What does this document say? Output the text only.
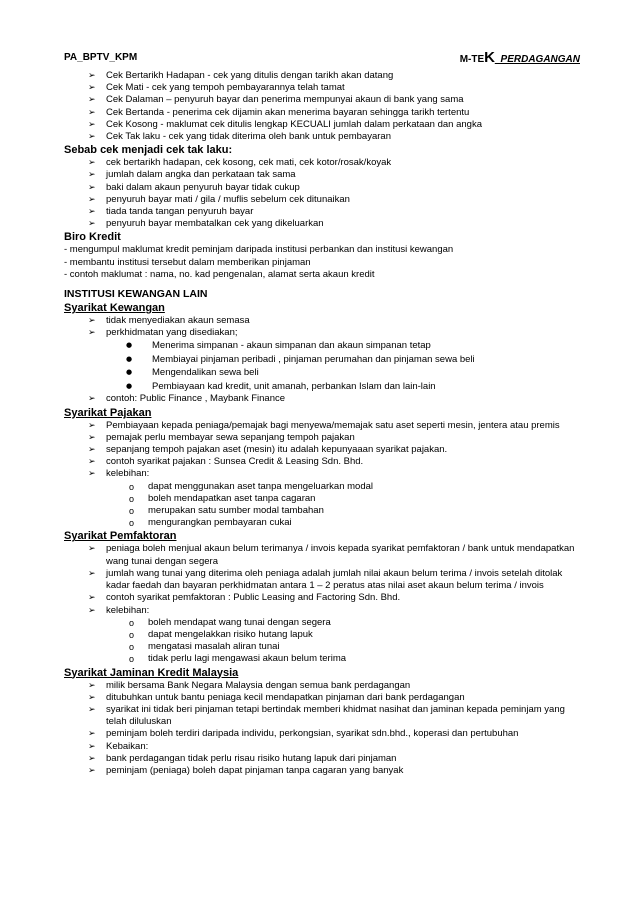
PA_BPTV_KPM	M-TEK_PERDAGANGAN
➢ Cek Bertarikh Hadapan - cek yang ditulis dengan tarikh akan datang
➢ Cek Mati - cek yang tempoh pembayarannya telah tamat
➢ Cek Dalaman – penyuruh bayar dan penerima mempunyai akaun di bank yang sama
➢ Cek Bertanda - penerima cek dijamin akan menerima bayaran sehingga tarikh tertentu
➢ Cek Kosong - maklumat cek ditulis lengkap KECUALI jumlah dalam perkataan dan angka
➢ Cek Tak laku - cek yang tidak diterima oleh bank untuk pembayaran
Sebab cek menjadi cek tak laku:
➢ cek bertarikh hadapan, cek kosong, cek mati, cek kotor/rosak/koyak
➢ jumlah dalam angka dan perkataan tak sama
➢ baki dalam akaun penyuruh bayar tidak cukup
➢ penyuruh bayar mati / gila / muflis sebelum cek ditunaikan
➢ tiada tanda tangan penyuruh bayar
➢ penyuruh bayar membatalkan cek yang dikeluarkan
Biro Kredit
- mengumpul maklumat kredit peminjam daripada institusi perbankan dan institusi kewangan
- membantu institusi tersebut dalam memberikan pinjaman
- contoh maklumat : nama, no. kad pengenalan, alamat serta akaun kredit
INSTITUSI KEWANGAN LAIN
Syarikat Kewangan
➢ tidak menyediakan akaun semasa
➢ perkhidmatan yang disediakan;
● Menerima simpanan - akaun simpanan dan akaun simpanan tetap
● Membiayai pinjaman peribadi , pinjaman perumahan dan pinjaman sewa beli
● Mengendalikan sewa beli
● Pembiayaan kad kredit, unit amanah, perbankan Islam dan lain-lain
➢ contoh: Public Finance , Maybank Finance
Syarikat Pajakan
➢ Pembiayaan kepada peniaga/pemajak bagi menyewa/memajak satu aset seperti mesin, jentera atau premis
➢ pemajak perlu membayar sewa sepanjang tempoh pajakan
➢ sepanjang tempoh pajakan aset (mesin) itu adalah kepunyaaan syarikat pajakan.
➢ contoh syarikat pajakan : Sunsea Credit & Leasing Sdn. Bhd.
➢ kelebihan:
o dapat menggunakan aset tanpa mengeluarkan modal
o boleh mendapatkan aset tanpa cagaran
o merupakan satu sumber modal tambahan
o mengurangkan pembayaran cukai
Syarikat Pemfaktoran
➢ peniaga boleh menjual akaun belum terimanya / invois kepada syarikat pemfaktoran / bank untuk mendapatkan wang tunai dengan segera
➢ jumlah wang tunai yang diterima oleh peniaga adalah jumlah nilai akaun belum terima / invois setelah ditolak kadar faedah dan bayaran perkhidmatan antara 1 – 2 peratus atas nilai aset akaun belum terima / invois
➢ contoh syarikat pemfaktoran : Public Leasing and Factoring Sdn. Bhd.
➢ kelebihan:
o boleh mendapat wang tunai dengan segera
o dapat mengelakkan risiko hutang lapuk
o mengatasi masalah aliran tunai
o tidak perlu lagi mengawasi akaun belum terima
Syarikat Jaminan Kredit Malaysia
➢ milik bersama Bank Negara Malaysia dengan semua bank perdagangan
➢ ditubuhkan untuk bantu peniaga kecil mendapatkan pinjaman dari bank perdagangan
➢ syarikat ini tidak beri pinjaman tetapi bertindak memberi khidmat nasihat dan jaminan kepada peminjam yang telah diluluskan
➢ peminjam boleh terdiri daripada individu, perkongsian, syarikat sdn.bhd., koperasi dan pertubuhan
➢ Kebaikan:
➢ bank perdagangan tidak perlu risau risiko hutang lapuk dari pinjaman
➢ peminjam (peniaga) boleh dapat pinjaman tanpa cagaran yang banyak
